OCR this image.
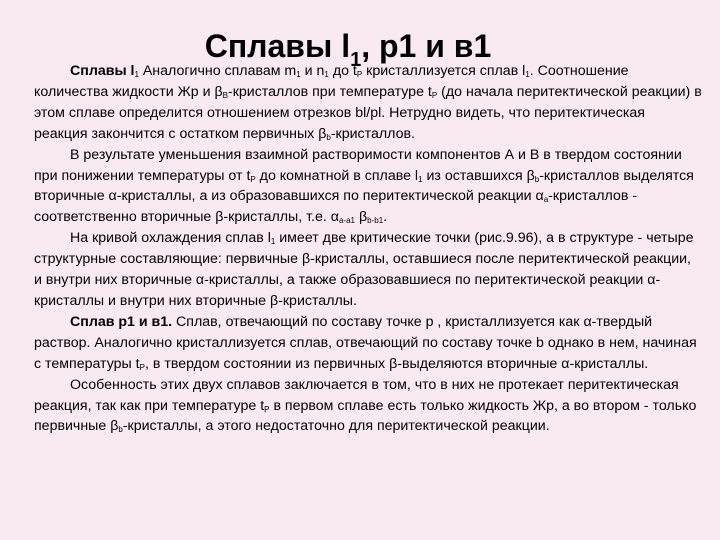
Сплавы $l_1$, р1 и в1

Сплавы $l_1$ Аналогично сплавам $m_1$ и $n_1$ до $t_P$ кристаллизуется сплав $l_1$. Соотношение количества жидкости Жр и $\beta_В$-кристаллов при температуре $t_P$ (до начала перитектической реакции) в этом сплаве определится отношением отрезков bl/pl. Нетрудно видеть, что перитектическая реакция закончится с остатком первичных $\beta_b$-кристаллов.

В результате уменьшения взаимной растворимости компонентов А и В в твердом состоянии при понижении температуры от $t_P$ до комнатной в сплаве $l_1$ из оставшихся $\beta_b$-кристаллов выделятся вторичные α-кристаллы, а из образовавшихся по перитектической реакции $\alpha_a$-кристаллов - соответственно вторичные β-кристаллы, т.е. $\alpha_{a-a1}$ $\beta_{b-b1}$.

На кривой охлаждения сплав $l_1$ имеет две критические точки (рис.9.96), а в структуре - четыре структурные составляющие: первичные β-кристаллы, оставшиеся после перитектической реакции, и внутри них вторичные α-кристаллы, а также образовавшиеся по перитектической реакции α-кристаллы и внутри них вторичные β-кристаллы.

Сплав р1 и в1. Сплав, отвечающий по составу точке р , кристаллизуется как α-твердый раствор. Аналогично кристаллизуется сплав, отвечающий по составу точке b однако в нем, начиная с температуры $t_P$, в твердом состоянии из первичных β-выделяются вторичные α-кристаллы.

Особенность этих двух сплавов заключается в том, что в них не протекает перитектическая реакция, так как при температуре $t_P$ в первом сплаве есть только жидкость Жр, а во втором - только первичные $\beta_b$-кристаллы, а этого недостаточно для перитектической реакции.
